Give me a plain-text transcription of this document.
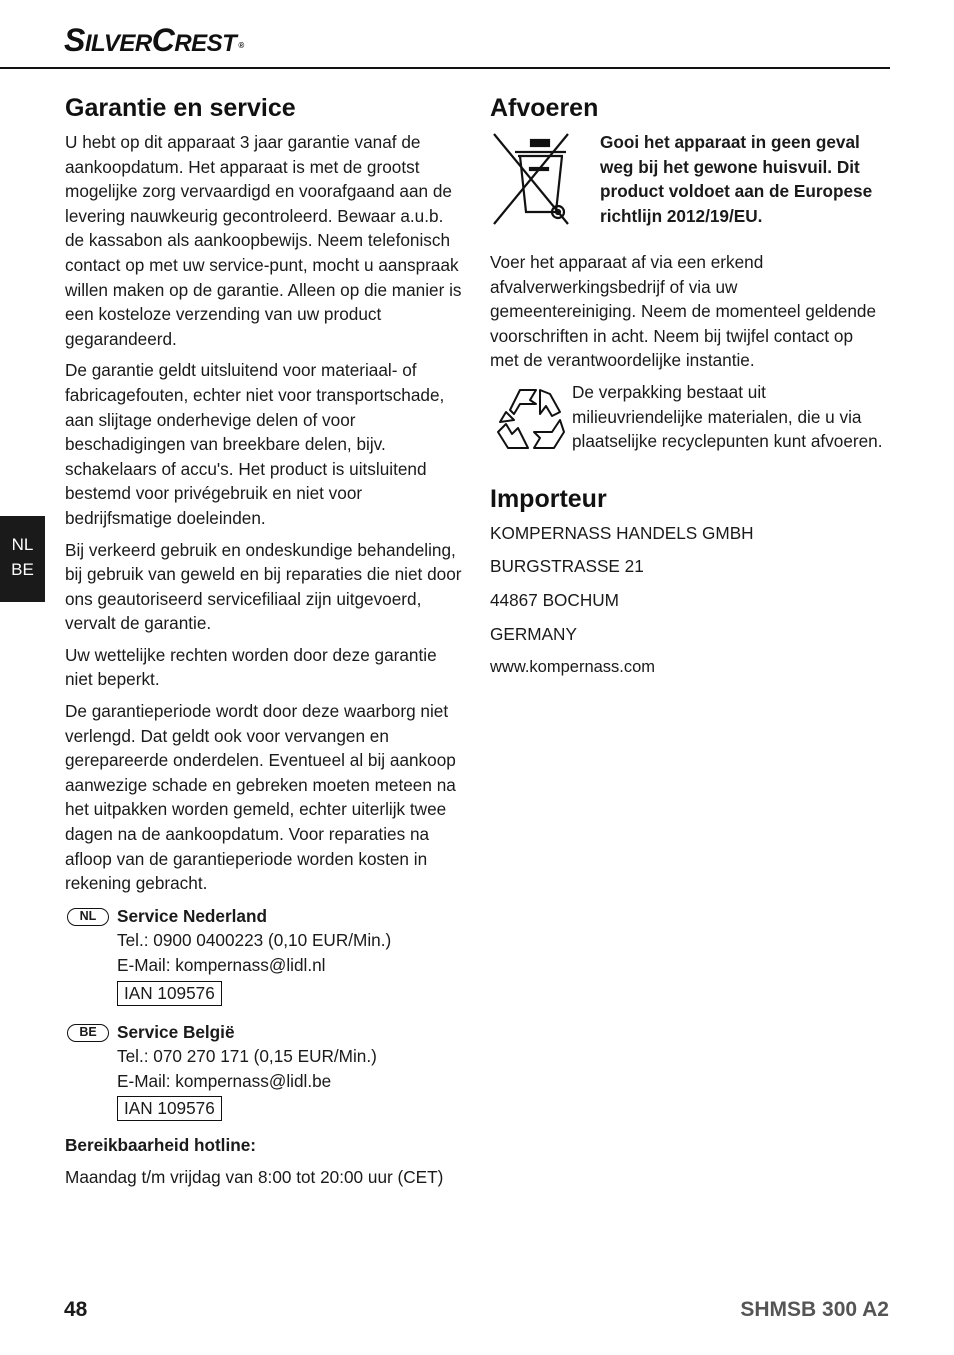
SILVERCREST ®
NL
BE
Garantie en service

U hebt op dit apparaat 3 jaar garantie vanaf de aankoopdatum. Het apparaat is met de grootst mogelijke zorg vervaardigd en voorafgaand aan de levering nauwkeurig gecontroleerd. Bewaar a.u.b. de kassabon als aankoopbewijs. Neem telefonisch contact op met uw service-punt, mocht u aanspraak willen maken op de garantie. Alleen op die manier is een kosteloze verzending van uw product gegarandeerd.

De garantie geldt uitsluitend voor materiaal- of fabricagefouten, echter niet voor transportschade, aan slijtage onderhevige delen of voor beschadigingen van breekbare delen, bijv. schakelaars of accu's. Het product is uitsluitend bestemd voor privégebruik en niet voor bedrijfsmatige doeleinden.

Bij verkeerd gebruik en ondeskundige behandeling, bij gebruik van geweld en bij reparaties die niet door ons geautoriseerd servicefiliaal zijn uitgevoerd, vervalt de garantie.

Uw wettelijke rechten worden door deze garantie niet beperkt.

De garantieperiode wordt door deze waarborg niet verlengd. Dat geldt ook voor vervangen en gerepareerde onderdelen. Eventueel al bij aankoop aanwezige schade en gebreken moeten meteen na het uitpakken worden gemeld, echter uiterlijk twee dagen na de aankoopdatum. Voor reparaties na afloop van de garantieperiode worden kosten in rekening gebracht.

NL	Service Nederland
Tel.: 0900 0400223 (0,10 EUR/Min.)
E-Mail: kompernass@lidl.nl
IAN 109576
BE	Service België
Tel.: 070 270 171 (0,15 EUR/Min.)
E-Mail: kompernass@lidl.be
IAN 109576

Bereikbaarheid hotline:

Maandag t/m vrijdag van 8:00 tot 20:00 uur (CET)

Afvoeren

Gooi het apparaat in geen geval weg bij het gewone huisvuil. Dit product voldoet aan de Europese richtlijn 2012/19/EU.

Voer het apparaat af via een erkend afvalverwerkingsbedrijf of via uw gemeentereiniging. Neem de momenteel geldende voorschriften in acht. Neem bij twijfel contact op met de verantwoordelijke instantie.

De verpakking bestaat uit milieuvriendelijke materialen, die u via plaatselijke recyclepunten kunt afvoeren.

Importeur

KOMPERNASS HANDELS GMBH

BURGSTRASSE 21

44867 BOCHUM

GERMANY

www.kompernass.com

48	SHMSB 300 A2
